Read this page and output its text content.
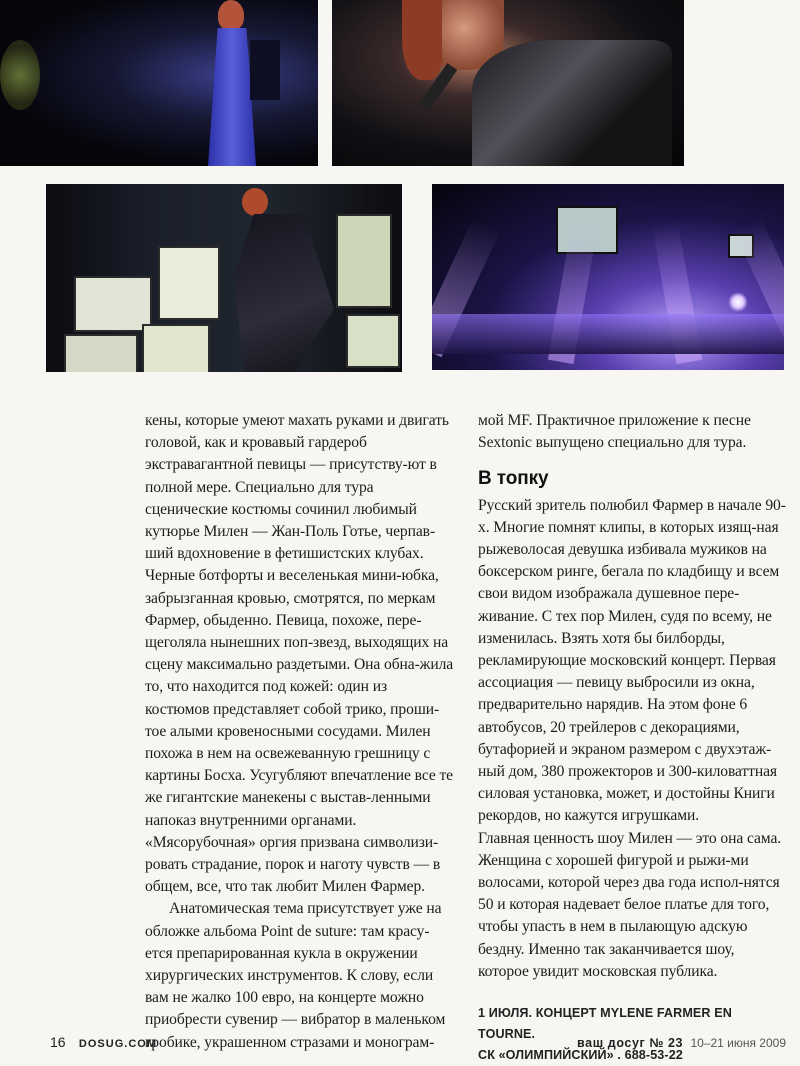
кены, которые умеют махать руками и двигать головой, как и кровавый гардероб экстравагантной певицы — присутству-ют в полной мере. Специально для тура сценические костюмы сочинил любимый кутюрье Милен — Жан-Поль Готье, черпав-ший вдохновение в фетишистских клубах. Черные ботфорты и веселенькая мини-юбка, забрызганная кровью, смотрятся, по меркам Фармер, обыденно. Певица, похоже, пере-щеголяла нынешних поп-звезд, выходящих на сцену максимально раздетыми. Она обна-жила то, что находится под кожей: один из костюмов представляет собой трико, проши-тое алыми кровеносными сосудами. Милен похожа в нем на освежеванную грешницу с картины Босха. Усугубляют впечатление все те же гигантские манекены с выстав-ленными напоказ внутренними органами. «Мясорубочная» оргия призвана символизи-ровать страдание, порок и наготу чувств — в общем, все, что так любит Милен Фармер.

Анатомическая тема присутствует уже на обложке альбома Point de suture: там красу-ется препарированная кукла в окружении хирургических инструментов. К слову, если вам не жалко 100 евро, на концерте можно приобрести сувенир — вибратор в маленьком гробике, украшенном стразами и монограм-

мой MF. Практичное приложение к песне Sextonic выпущено специально для тура.

В топку

Русский зритель полюбил Фармер в начале 90-х. Многие помнят клипы, в которых изящ-ная рыжеволосая девушка избивала мужиков на боксерском ринге, бегала по кладбищу и всем свои видом изображала душевное пере-живание. С тех пор Милен, судя по всему, не изменилась. Взять хотя бы билборды, рекламирующие московский концерт. Первая ассоциация — певицу выбросили из окна, предварительно нарядив. На этом фоне 6 автобусов, 20 трейлеров с декорациями, бутафорией и экраном размером с двухэтаж-ный дом, 380 прожекторов и 300-киловаттная силовая установка, может, и достойны Книги рекордов, но кажутся игрушками.

Главная ценность шоу Милен — это она сама. Женщина с хорошей фигурой и рыжи-ми волосами, которой через два года испол-нятся 50 и которая надевает белое платье для того, чтобы упасть в нем в пылающую адскую бездну. Именно так заканчивается шоу, которое увидит московская публика.

1 ИЮЛЯ. КОНЦЕРТ MYLENE FARMER EN TOURNE.
СК «ОЛИМПИЙСКИЙ» . 688-53-22
16 DOSUG.COM	ваш досуг № 23 10–21 июня 2009
